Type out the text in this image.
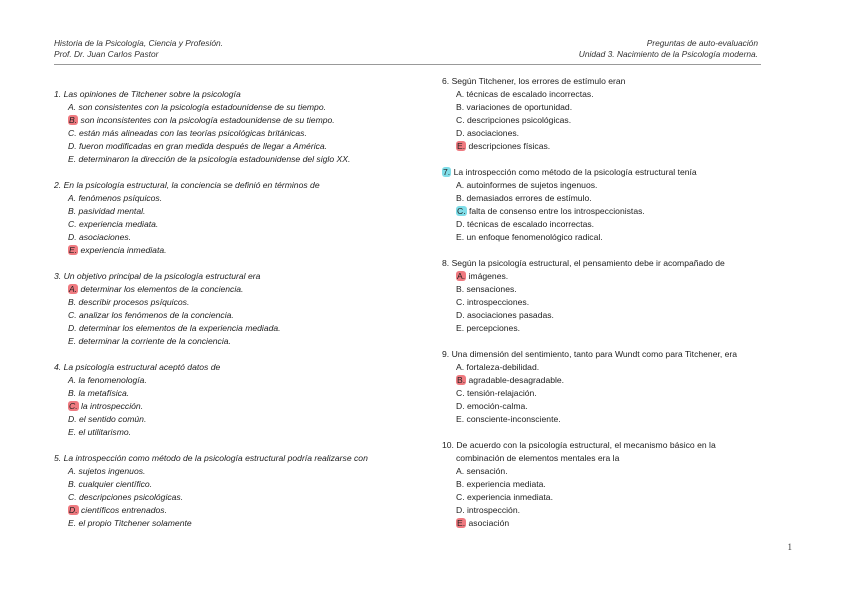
Historia de la Psicología, Ciencia y Profesión.
Prof. Dr. Juan Carlos Pastor
Preguntas de auto-evaluación
Unidad 3. Nacimiento de la Psicología moderna.
1. Las opiniones de Titchener sobre la psicología
A. son consistentes con la psicología estadounidense de su tiempo.
B. son inconsistentes con la psicología estadounidense de su tiempo.
C. están más alineadas con las teorías psicológicas británicas.
D. fueron modificadas en gran medida después de llegar a América.
E. determinaron la dirección de la psicología estadounidense del siglo XX.
2. En la psicología estructural, la conciencia se definió en términos de
A. fenómenos psíquicos.
B. pasividad mental.
C. experiencia mediata.
D. asociaciones.
E. experiencia inmediata.
3. Un objetivo principal de la psicología estructural era
A. determinar los elementos de la conciencia.
B. describir procesos psíquicos.
C. analizar los fenómenos de la conciencia.
D. determinar los elementos de la experiencia mediada.
E. determinar la corriente de la conciencia.
4. La psicología estructural aceptó datos de
A. la fenomenología.
B. la metafísica.
C. la introspección.
D. el sentido común.
E. el utilitarismo.
5. La introspección como método de la psicología estructural podría realizarse con
A. sujetos ingenuos.
B. cualquier científico.
C. descripciones psicológicas.
D. científicos entrenados.
E. el propio Titchener solamente
6. Según Titchener, los errores de estímulo eran
A. técnicas de escalado incorrectas.
B. variaciones de oportunidad.
C. descripciones psicológicas.
D. asociaciones.
E. descripciones físicas.
7. La introspección como método de la psicología estructural tenía
A. autoinformes de sujetos ingenuos.
B. demasiados errores de estímulo.
C. falta de consenso entre los introspeccionistas.
D. técnicas de escalado incorrectas.
E. un enfoque fenomenológico radical.
8. Según la psicología estructural, el pensamiento debe ir acompañado de
A. imágenes.
B. sensaciones.
C. introspecciones.
D. asociaciones pasadas.
E. percepciones.
9. Una dimensión del sentimiento, tanto para Wundt como para Titchener, era
A. fortaleza-debilidad.
B. agradable-desagradable.
C. tensión-relajación.
D. emoción-calma.
E. consciente-inconsciente.
10. De acuerdo con la psicología estructural, el mecanismo básico en la
combinación de elementos mentales era la
A. sensación.
B. experiencia mediata.
C. experiencia inmediata.
D. introspección.
E. asociación
1
